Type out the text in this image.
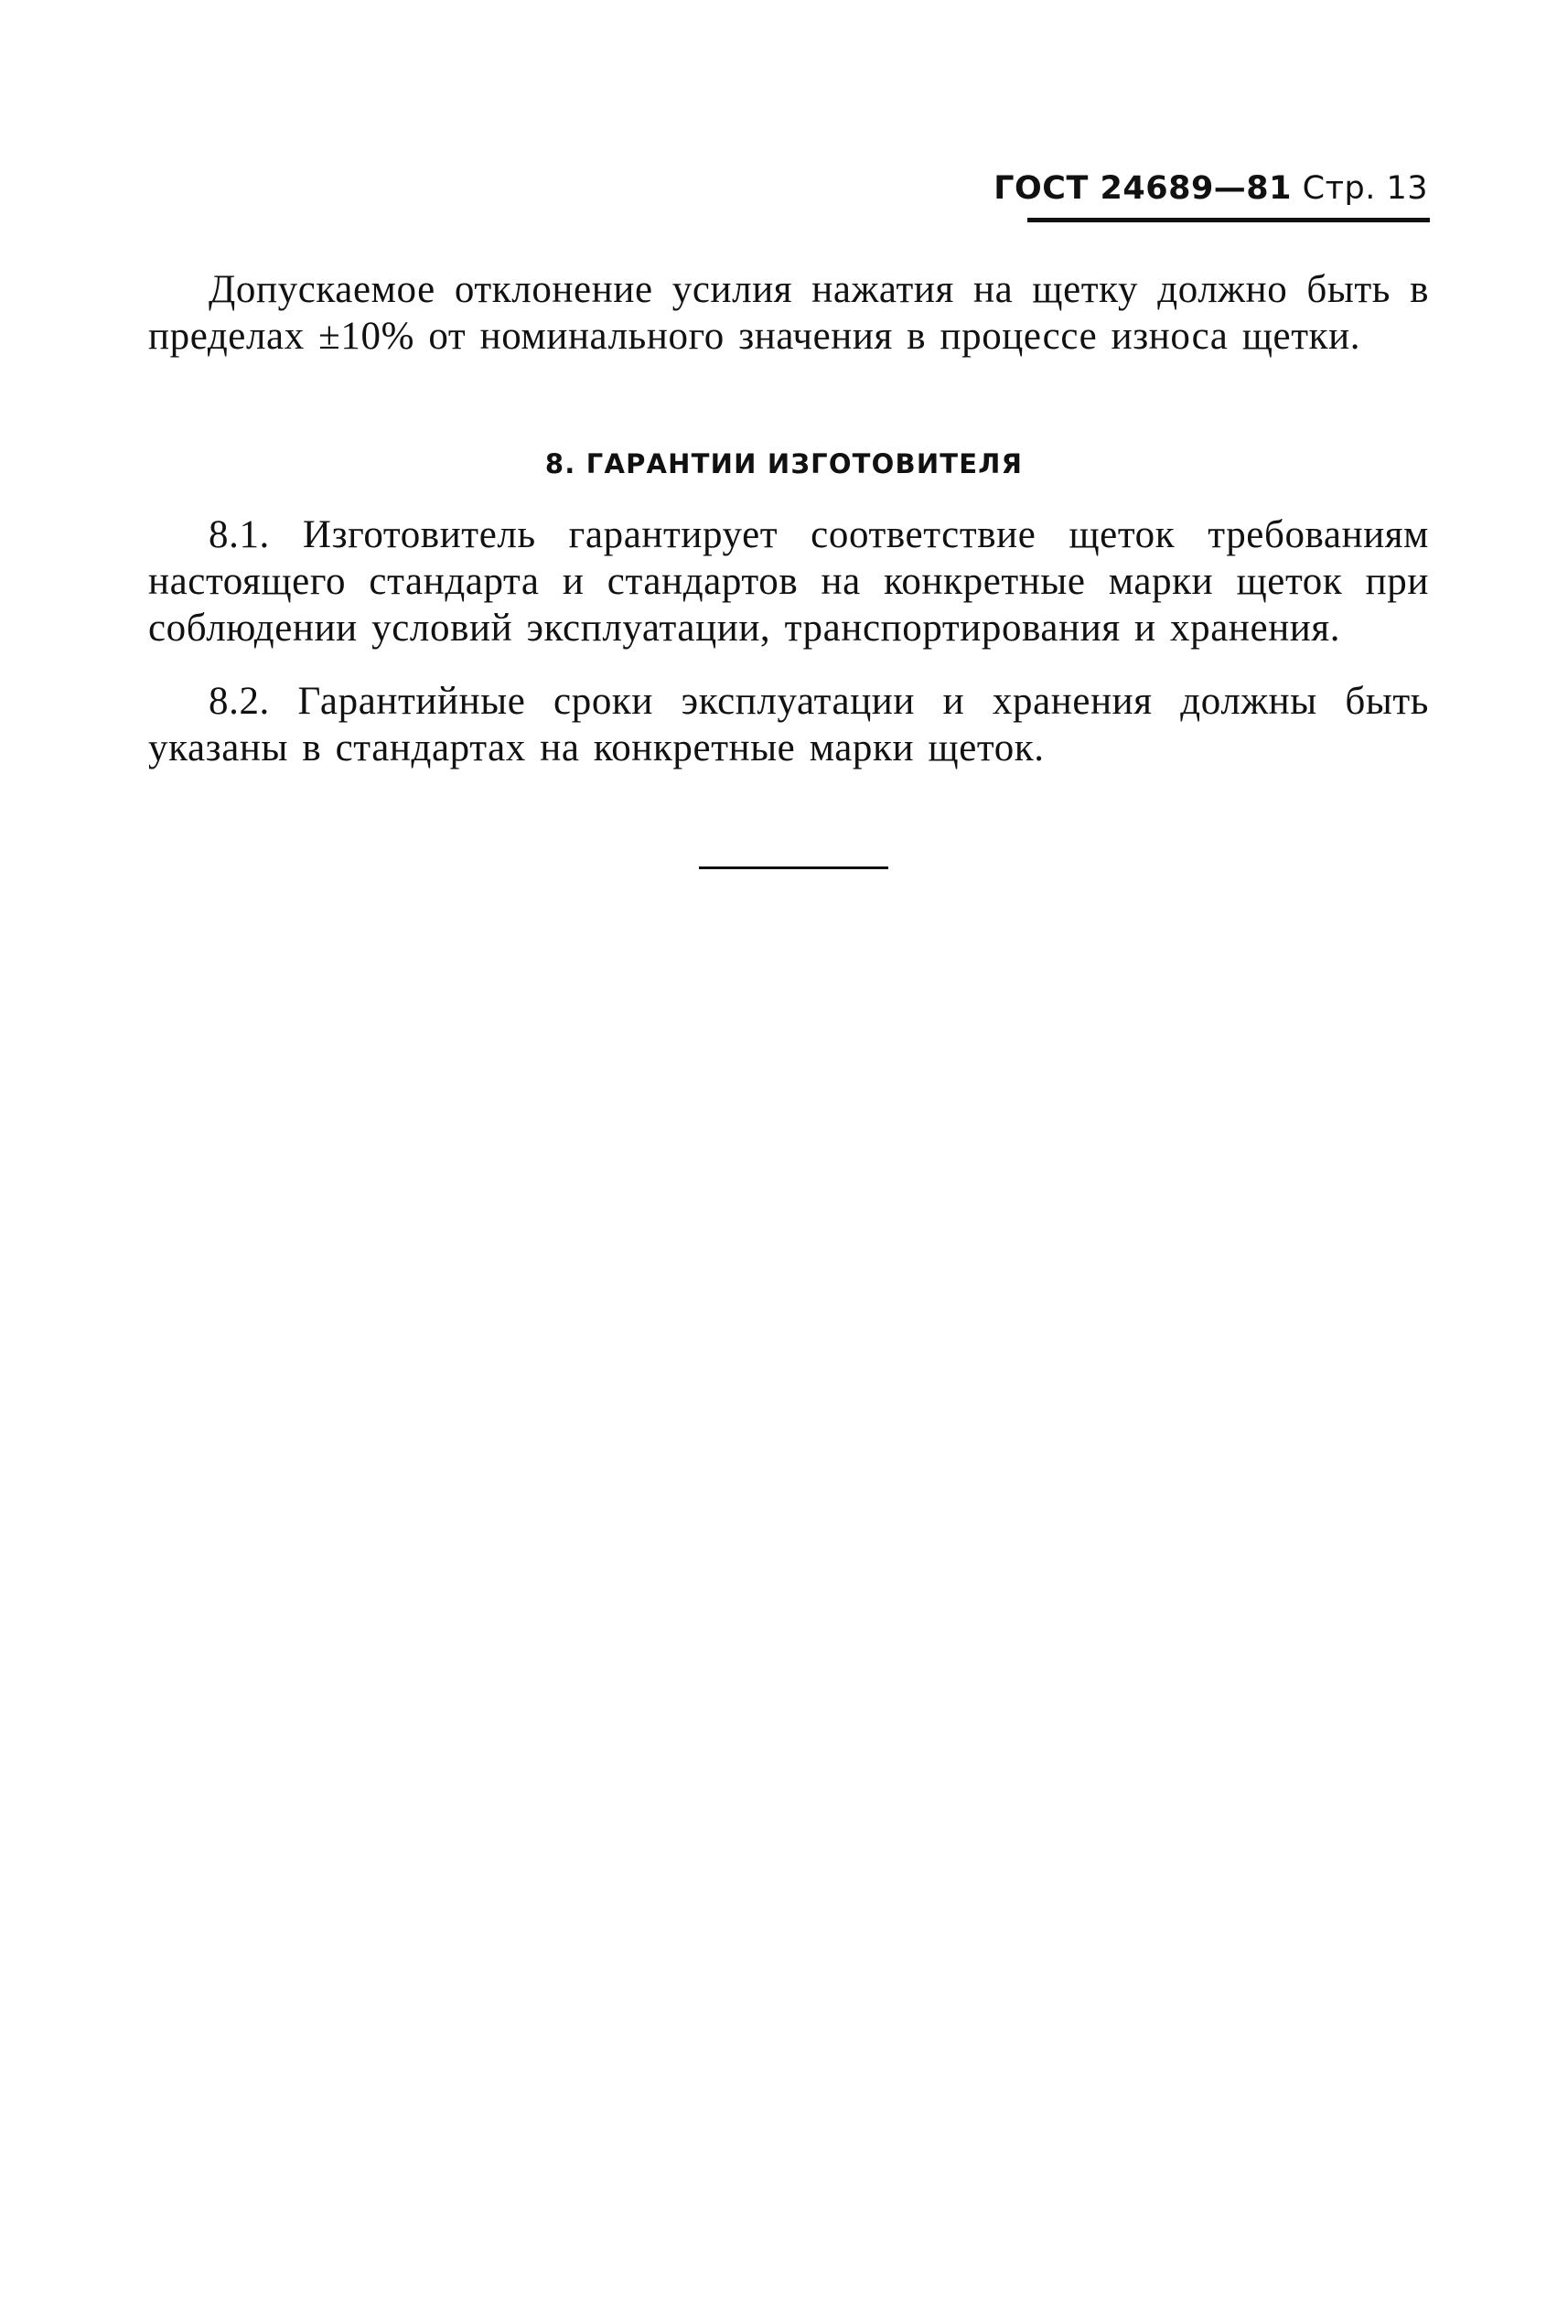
ГОСТ 24689—81 Стр. 13

Допускаемое отклонение усилия нажатия на щетку должно быть в пределах ±10% от номинального значения в процессе износа щетки.

8. ГАРАНТИИ ИЗГОТОВИТЕЛЯ

8.1. Изготовитель гарантирует соответствие щеток требованиям настоящего стандарта и стандартов на конкретные марки щеток при соблюдении условий эксплуатации, транспортирования и хранения.

8.2. Гарантийные сроки эксплуатации и хранения должны быть указаны в стандартах на конкретные марки щеток.
